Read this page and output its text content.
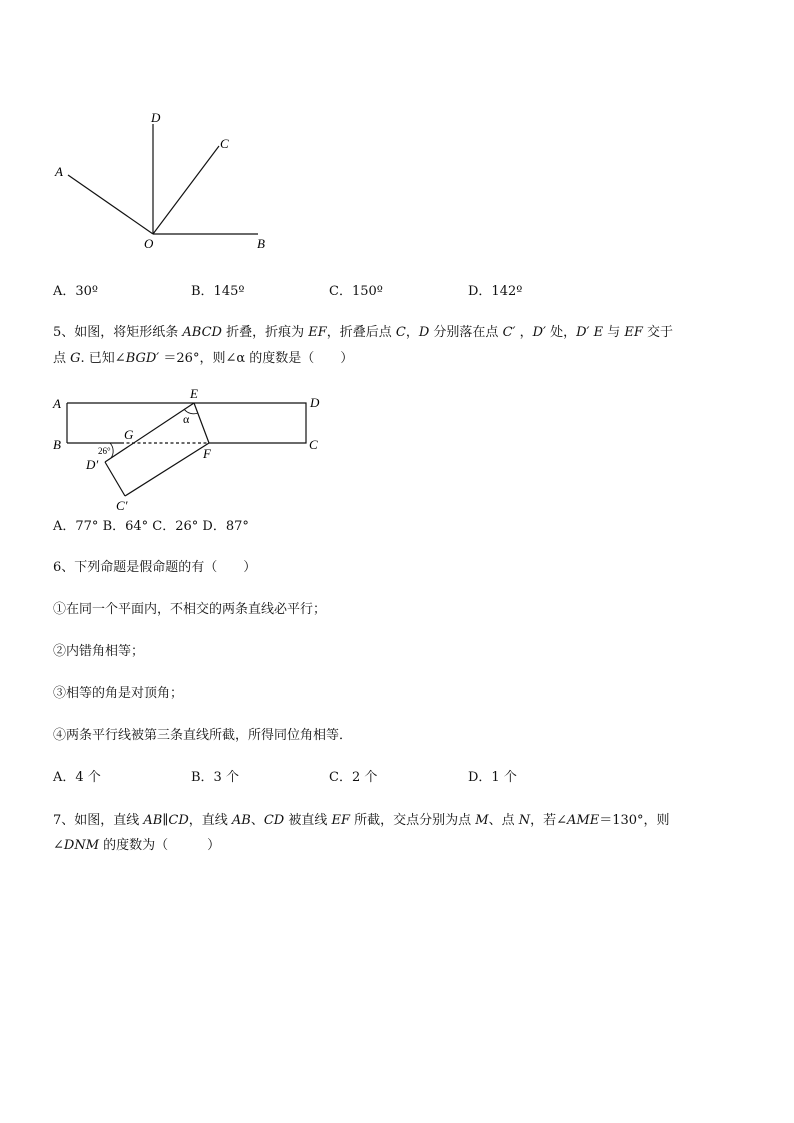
D
C
A
O	B
A．30º	B．145º	C．150º	D．142º
5、如图，将矩形纸条 ABCD 折叠，折痕为 EF，折叠后点 C，D 分别落在点 C′ ，D′ 处，D′ E 与 EF 交于
点 G. 已知∠BGD′ ＝26°，则∠α 的度数是（　　）
A
B
D
C
E
F
G
D′
C′
α
26°
A．77° B．64° C．26° D．87°
6、下列命题是假命题的有（　　）
①在同一个平面内，不相交的两条直线必平行；
②内错角相等；
③相等的角是对顶角；
④两条平行线被第三条直线所截，所得同位角相等．
A．4 个	B．3 个	C．2 个	D．1 个
7、如图，直线 AB∥CD，直线 AB、CD 被直线 EF 所截，交点分别为点 M、点 N，若∠AME＝130°，则
∠DNM 的度数为（　　　）
